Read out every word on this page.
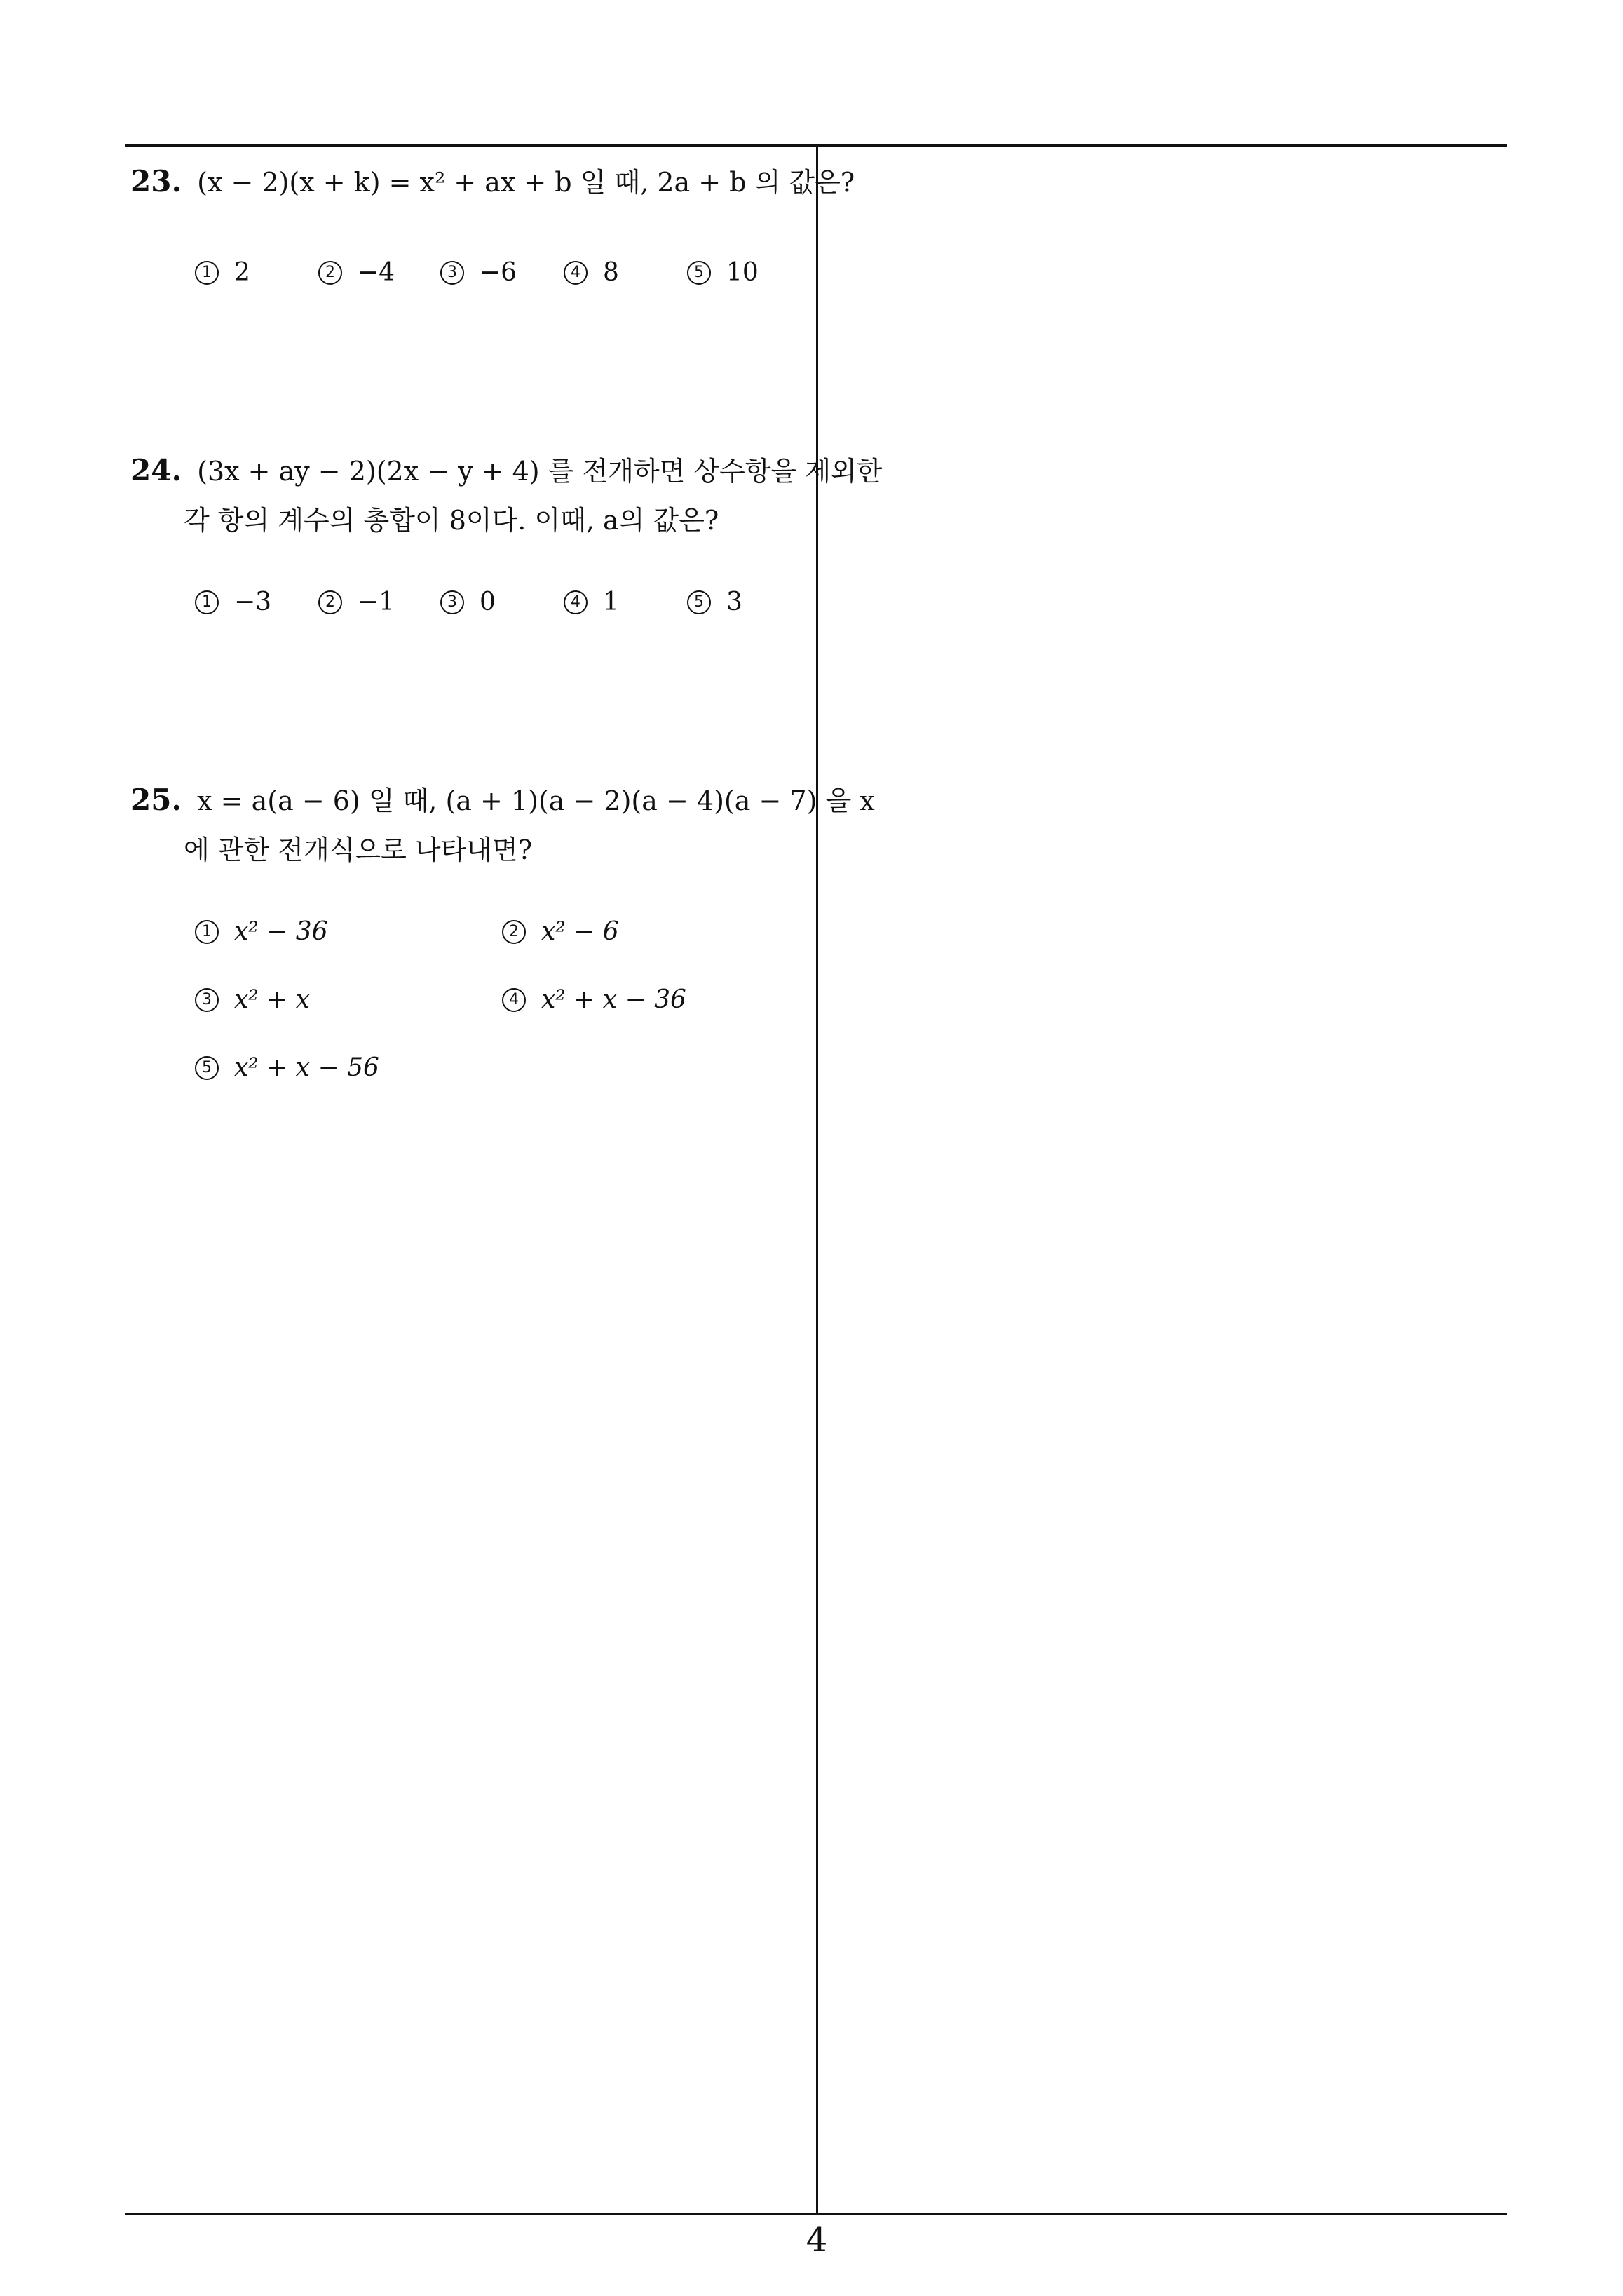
23. (x − 2)(x + k) = x² + ax + b 일 때, 2a + b 의 값은?
1 2	2 −4	3 −6	4 8	5 10
24. (3x + ay − 2)(2x − y + 4) 를 전개하면 상수항을 제외한
각 항의 계수의 총합이 8이다. 이때, a의 값은?
1 −3	2 −1	3 0	4 1	5 3
25. x = a(a − 6) 일 때, (a + 1)(a − 2)(a − 4)(a − 7) 을 x
에 관한 전개식으로 나타내면?
1 x² − 36	2 x² − 6
3 x² + x	4 x² + x − 36
5 x² + x − 56
4
